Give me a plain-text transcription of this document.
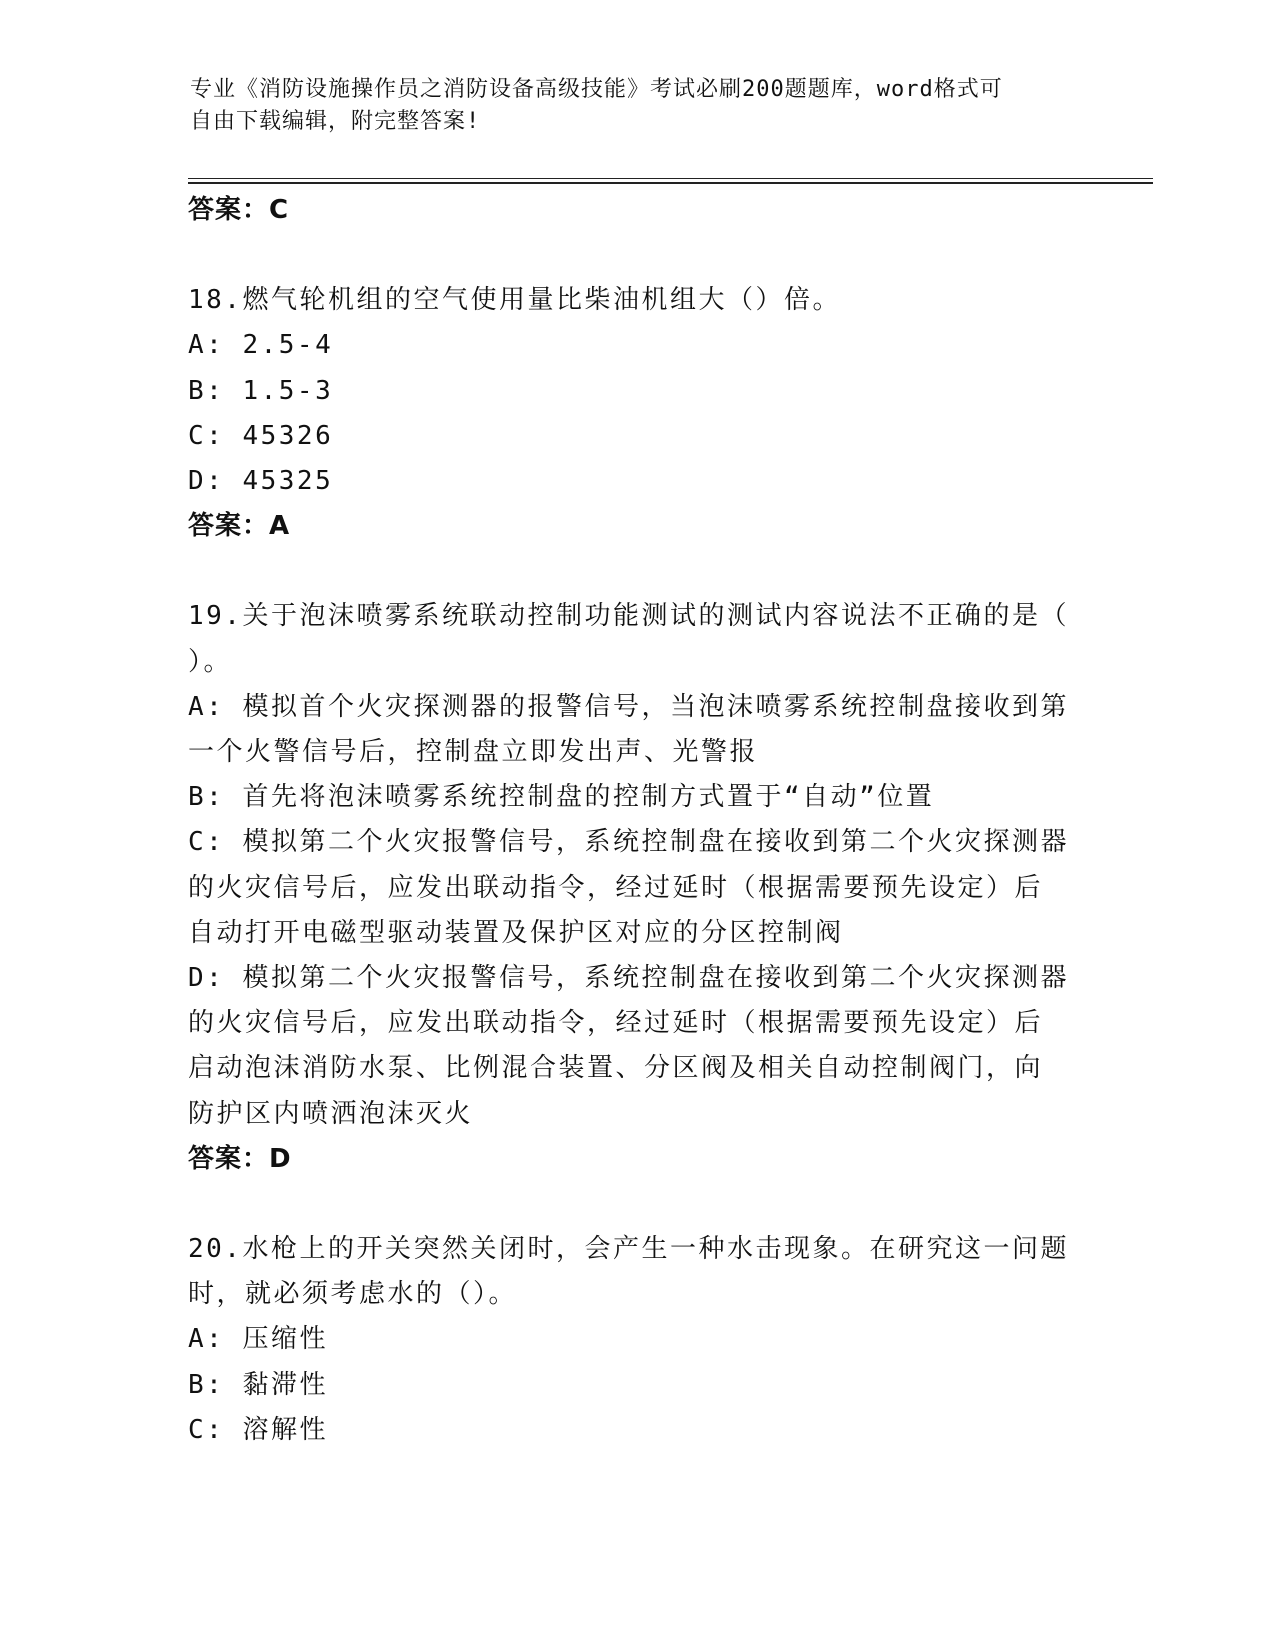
专业《消防设施操作员之消防设备高级技能》考试必刷200题题库，word格式可
自由下载编辑，附完整答案!
答案：C
18.燃气轮机组的空气使用量比柴油机组大（）倍。
A: 2.5-4
B: 1.5-3
C: 45326
D: 45325
答案：A
19.关于泡沫喷雾系统联动控制功能测试的测试内容说法不正确的是（
）。
A: 模拟首个火灾探测器的报警信号，当泡沫喷雾系统控制盘接收到第
一个火警信号后，控制盘立即发出声、光警报
B: 首先将泡沫喷雾系统控制盘的控制方式置于“自动”位置
C: 模拟第二个火灾报警信号，系统控制盘在接收到第二个火灾探测器
的火灾信号后，应发出联动指令，经过延时（根据需要预先设定）后
自动打开电磁型驱动装置及保护区对应的分区控制阀
D: 模拟第二个火灾报警信号，系统控制盘在接收到第二个火灾探测器
的火灾信号后，应发出联动指令，经过延时（根据需要预先设定）后
启动泡沫消防水泵、比例混合装置、分区阀及相关自动控制阀门，向
防护区内喷洒泡沫灭火
答案：D
20.水枪上的开关突然关闭时，会产生一种水击现象。在研究这一问题
时，就必须考虑水的（）。
A: 压缩性
B: 黏滞性
C: 溶解性
